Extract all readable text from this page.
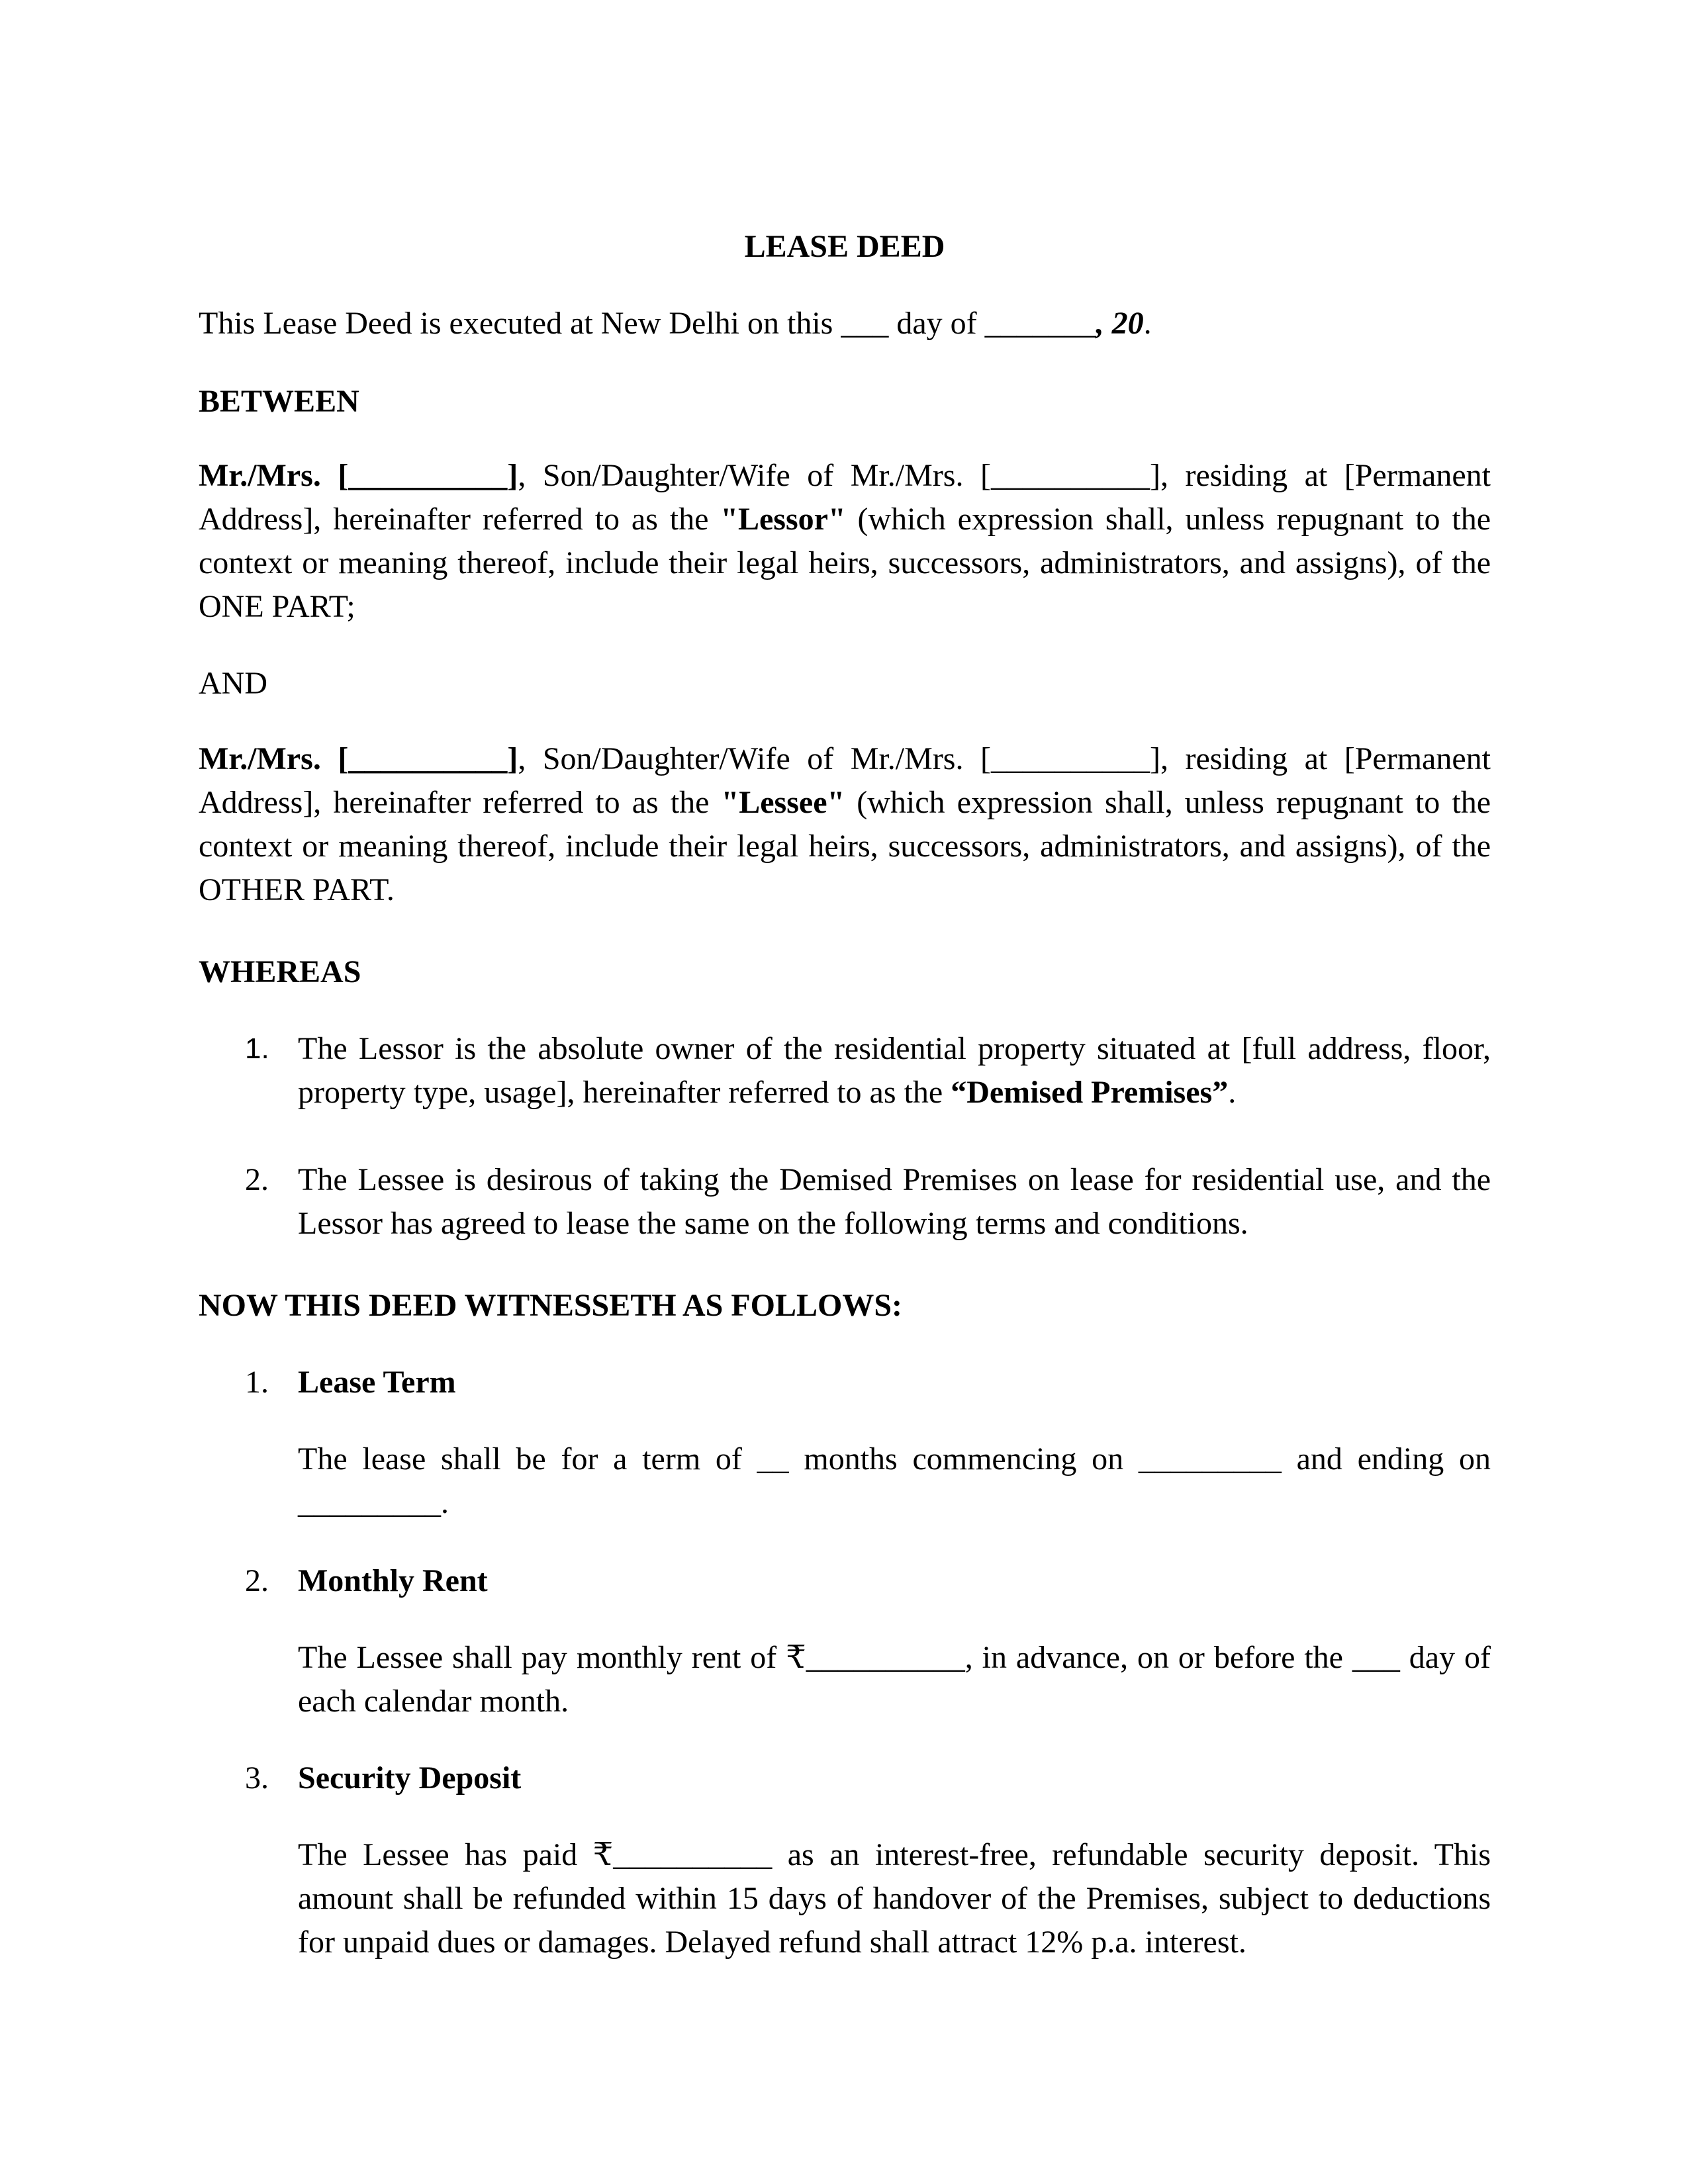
LEASE DEED

This Lease Deed is executed at New Delhi on this ___ day of _______, 20.

BETWEEN

Mr./Mrs. [__________], Son/Daughter/Wife of Mr./Mrs. [__________], residing at [Permanent Address], hereinafter referred to as the "Lessor" (which expression shall, unless repugnant to the context or meaning thereof, include their legal heirs, successors, administrators, and assigns), of the ONE PART;

AND

Mr./Mrs. [__________], Son/Daughter/Wife of Mr./Mrs. [__________], residing at [Permanent Address], hereinafter referred to as the "Lessee" (which expression shall, unless repugnant to the context or meaning thereof, include their legal heirs, successors, administrators, and assigns), of the OTHER PART.

WHEREAS

1. The Lessor is the absolute owner of the residential property situated at [full address, floor, property type, usage], hereinafter referred to as the “Demised Premises”.
2. The Lessee is desirous of taking the Demised Premises on lease for residential use, and the Lessor has agreed to lease the same on the following terms and conditions.

NOW THIS DEED WITNESSETH AS FOLLOWS:

1. Lease Term

The lease shall be for a term of __ months commencing on _________ and ending on _________.

2. Monthly Rent

The Lessee shall pay monthly rent of ₹__________, in advance, on or before the ___ day of each calendar month.

3. Security Deposit

The Lessee has paid ₹__________ as an interest-free, refundable security deposit. This amount shall be refunded within 15 days of handover of the Premises, subject to deductions for unpaid dues or damages. Delayed refund shall attract 12% p.a. interest.
